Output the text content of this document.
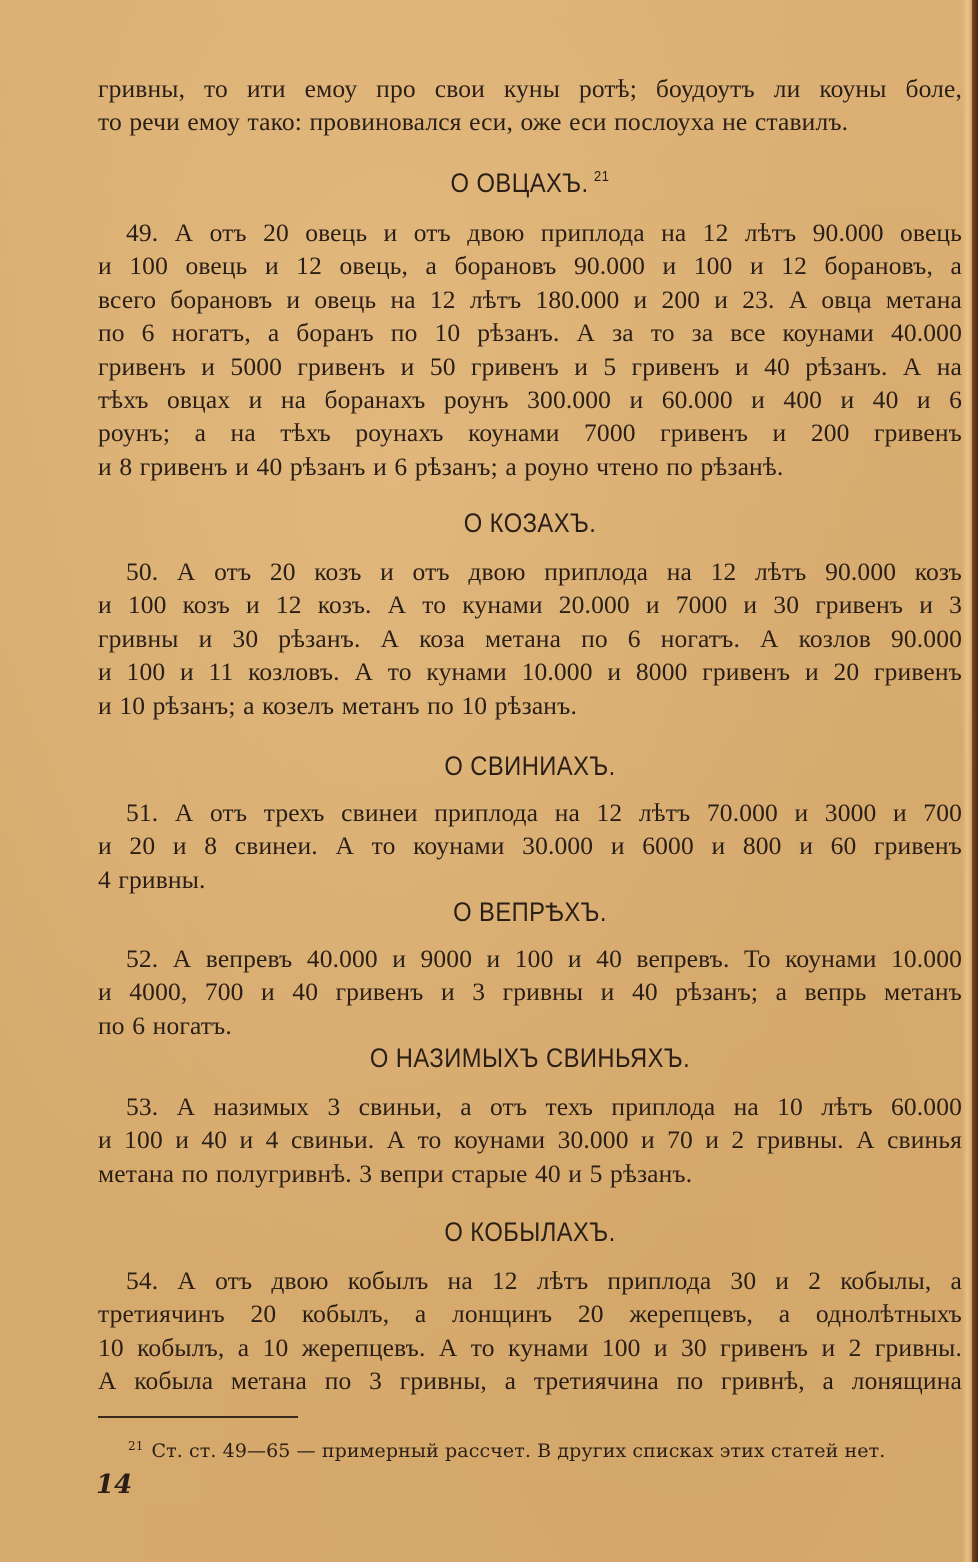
гривны, то ити емоу про свои куны ротѣ; боудоутъ ли коуны боле,
то речи емоу тако: провиновался еси, оже еси послоуха не ставилъ.
О ОВЦАХЪ. $^{21}$
49. А отъ 20 овець и отъ двою приплода на 12 лѣтъ 90.000 овець
и 100 овець и 12 овець, а борановъ 90.000 и 100 и 12 борановъ, а
всего борановъ и овець на 12 лѣтъ 180.000 и 200 и 23. А овца метана
по 6 ногатъ, а боранъ по 10 рѣзанъ. А за то за все коунами 40.000
гривенъ и 5000 гривенъ и 50 гривенъ и 5 гривенъ и 40 рѣзанъ. А на
тѣхъ овцах и на боранахъ роунъ 300.000 и 60.000 и 400 и 40 и 6
роунъ; а на тѣхъ роунахъ коунами 7000 гривенъ и 200 гривенъ
и 8 гривенъ и 40 рѣзанъ и 6 рѣзанъ; а роуно чтено по рѣзанѣ.
О КОЗАХЪ.
50. А отъ 20 козъ и отъ двою приплода на 12 лѣтъ 90.000 козъ
и 100 козъ и 12 козъ. А то кунами 20.000 и 7000 и 30 гривенъ и 3
гривны и 30 рѣзанъ. А коза метана по 6 ногатъ. А козлов 90.000
и 100 и 11 козловъ. А то кунами 10.000 и 8000 гривенъ и 20 гривенъ
и 10 рѣзанъ; а козелъ метанъ по 10 рѣзанъ.
О СВИНИАХЪ.
51. А отъ трехъ свинеи приплода на 12 лѣтъ 70.000 и 3000 и 700
и 20 и 8 свинеи. А то коунами 30.000 и 6000 и 800 и 60 гривенъ
4 гривны.
О ВЕПРѢХЪ.
52. А вепревъ 40.000 и 9000 и 100 и 40 вепревъ. То коунами 10.000
и 4000, 700 и 40 гривенъ и 3 гривны и 40 рѣзанъ; а вепрь метанъ
по 6 ногатъ.
О НАЗИМЫХЪ СВИНЬЯХЪ.
53. А назимых 3 свиньи, а отъ техъ приплода на 10 лѣтъ 60.000
и 100 и 40 и 4 свиньи. А то коунами 30.000 и 70 и 2 гривны. А свинья
метана по полугривнѣ. 3 вепри старые 40 и 5 рѣзанъ.
О КОБЫЛАХЪ.
54. А отъ двою кобылъ на 12 лѣтъ приплода 30 и 2 кобылы, а
третиячинъ 20 кобылъ, а лонщинъ 20 жерепцевъ, а однолѣтныхъ
10 кобылъ, а 10 жерепцевъ. А то кунами 100 и 30 гривенъ и 2 гривны.
А кобыла метана по 3 гривны, а третиячина по гривнѣ, а лонящина
$^{21}$ Ст. ст. 49—65 — примерный рассчет. В других списках этих статей нет.
14
